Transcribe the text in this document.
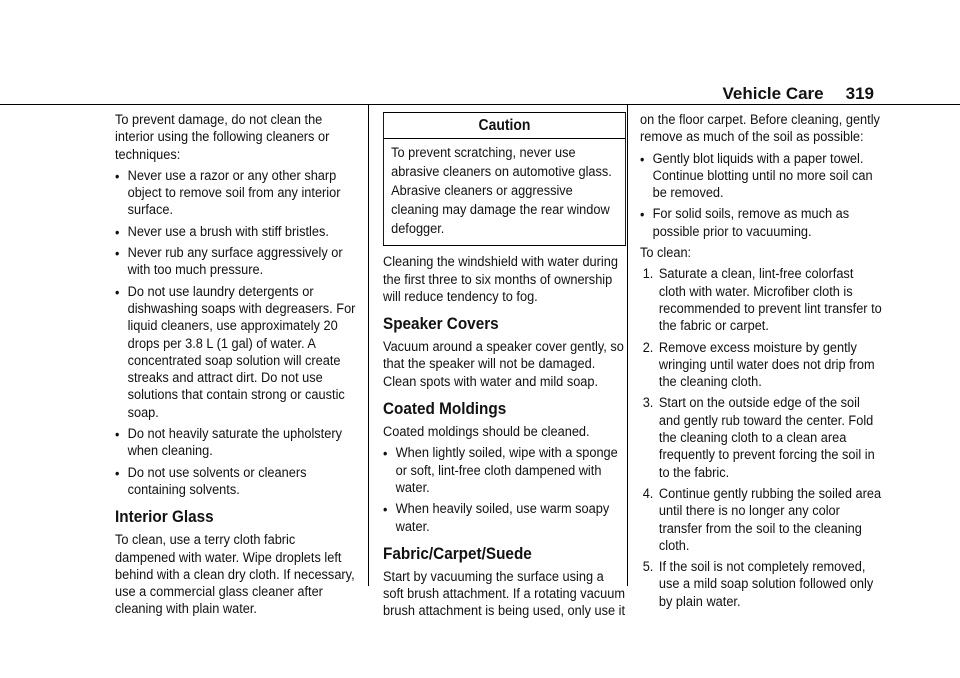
Vehicle Care 319

To prevent damage, do not clean the interior using the following cleaners or techniques:

• Never use a razor or any other sharp object to remove soil from any interior surface.
• Never use a brush with stiff bristles.
• Never rub any surface aggressively or with too much pressure.
• Do not use laundry detergents or dishwashing soaps with degreasers. For liquid cleaners, use approximately 20 drops per 3.8 L (1 gal) of water. A concentrated soap solution will create streaks and attract dirt. Do not use solutions that contain strong or caustic soap.
• Do not heavily saturate the upholstery when cleaning.
• Do not use solvents or cleaners containing solvents.
Interior Glass

To clean, use a terry cloth fabric dampened with water. Wipe droplets left behind with a clean dry cloth. If necessary, use a commercial glass cleaner after cleaning with plain water.

Caution
To prevent scratching, never use abrasive cleaners on automotive glass. Abrasive cleaners or aggressive cleaning may damage the rear window defogger.

Cleaning the windshield with water during the first three to six months of ownership will reduce tendency to fog.

Speaker Covers

Vacuum around a speaker cover gently, so that the speaker will not be damaged. Clean spots with water and mild soap.

Coated Moldings

Coated moldings should be cleaned.

• When lightly soiled, wipe with a sponge or soft, lint-free cloth dampened with water.
• When heavily soiled, use warm soapy water.
Fabric/Carpet/Suede

Start by vacuuming the surface using a soft brush attachment. If a rotating vacuum brush attachment is being used, only use it

on the floor carpet. Before cleaning, gently remove as much of the soil as possible:

• Gently blot liquids with a paper towel. Continue blotting until no more soil can be removed.
• For solid soils, remove as much as possible prior to vacuuming.

To clean:

1. Saturate a clean, lint-free colorfast cloth with water. Microfiber cloth is recommended to prevent lint transfer to the fabric or carpet.
2. Remove excess moisture by gently wringing until water does not drip from the cleaning cloth.
3. Start on the outside edge of the soil and gently rub toward the center. Fold the cleaning cloth to a clean area frequently to prevent forcing the soil in to the fabric.
4. Continue gently rubbing the soiled area until there is no longer any color transfer from the soil to the cleaning cloth.
5. If the soil is not completely removed, use a mild soap solution followed only by plain water.
